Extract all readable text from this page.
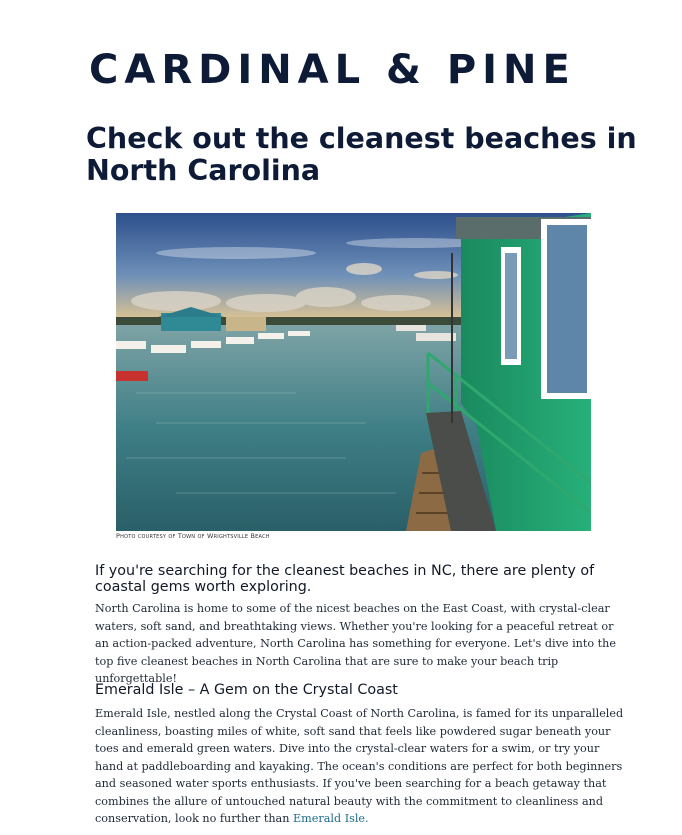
CARDINAL & PINE
Check out the cleanest beaches in North Carolina
Photo courtesy of Town of Wrightsville Beach
If you're searching for the cleanest beaches in NC, there are plenty of coastal gems worth exploring.

North Carolina is home to some of the nicest beaches on the East Coast, with crystal-clear waters, soft sand, and breathtaking views. Whether you're looking for a peaceful retreat or an action-packed adventure, North Carolina has something for everyone. Let's dive into the top five cleanest beaches in North Carolina that are sure to make your beach trip unforgettable!

Emerald Isle – A Gem on the Crystal Coast

Emerald Isle, nestled along the Crystal Coast of North Carolina, is famed for its unparalleled cleanliness, boasting miles of white, soft sand that feels like powdered sugar beneath your toes and emerald green waters. Dive into the crystal-clear waters for a swim, or try your hand at paddleboarding and kayaking. The ocean's conditions are perfect for both beginners and seasoned water sports enthusiasts. If you've been searching for a beach getaway that combines the allure of untouched natural beauty with the commitment to cleanliness and conservation, look no further than Emerald Isle.
